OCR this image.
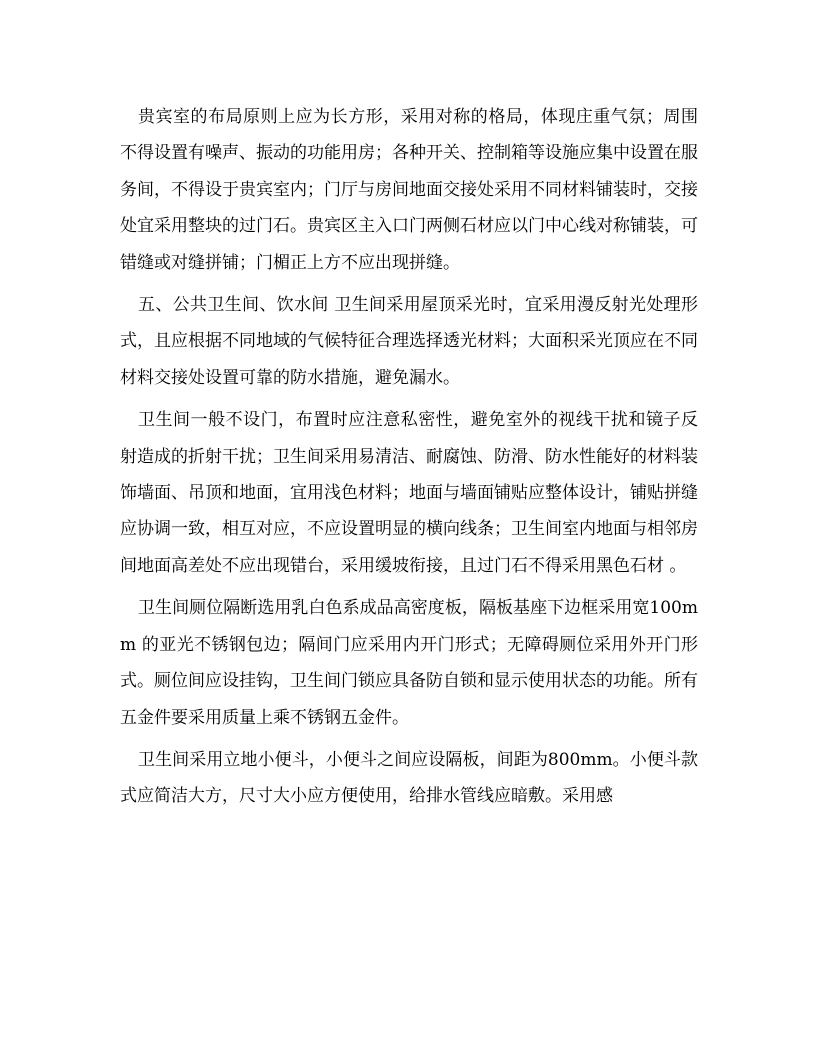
贵宾室的布局原则上应为长方形，采用对称的格局，体现庄重气氛；周围不得设置有噪声、振动的功能用房；各种开关、控制箱等设施应集中设置在服务间，不得设于贵宾室内；门厅与房间地面交接处采用不同材料铺装时，交接处宜采用整块的过门石。贵宾区主入口门两侧石材应以门中心线对称铺装，可错缝或对缝拼铺；门楣正上方不应出现拼缝。

五、公共卫生间、饮水间 卫生间采用屋顶采光时，宜采用漫反射光处理形式，且应根据不同地域的气候特征合理选择透光材料；大面积采光顶应在不同材料交接处设置可靠的防水措施，避免漏水。

卫生间一般不设门，布置时应注意私密性，避免室外的视线干扰和镜子反射造成的折射干扰；卫生间采用易清洁、耐腐蚀、防滑、防水性能好的材料装饰墙面、吊顶和地面，宜用浅色材料；地面与墙面铺贴应整体设计，铺贴拼缝应协调一致，相互对应，不应设置明显的横向线条；卫生间室内地面与相邻房间地面高差处不应出现错台，采用缓坡衔接，且过门石不得采用黑色石材 。

卫生间厕位隔断选用乳白色系成品高密度板，隔板基座下边框采用宽100mm 的亚光不锈钢包边；隔间门应采用内开门形式；无障碍厕位采用外开门形式。厕位间应设挂钩，卫生间门锁应具备防自锁和显示使用状态的功能。所有五金件要采用质量上乘不锈钢五金件。

卫生间采用立地小便斗，小便斗之间应设隔板，间距为800mm。小便斗款式应简洁大方，尺寸大小应方便使用，给排水管线应暗敷。采用感
